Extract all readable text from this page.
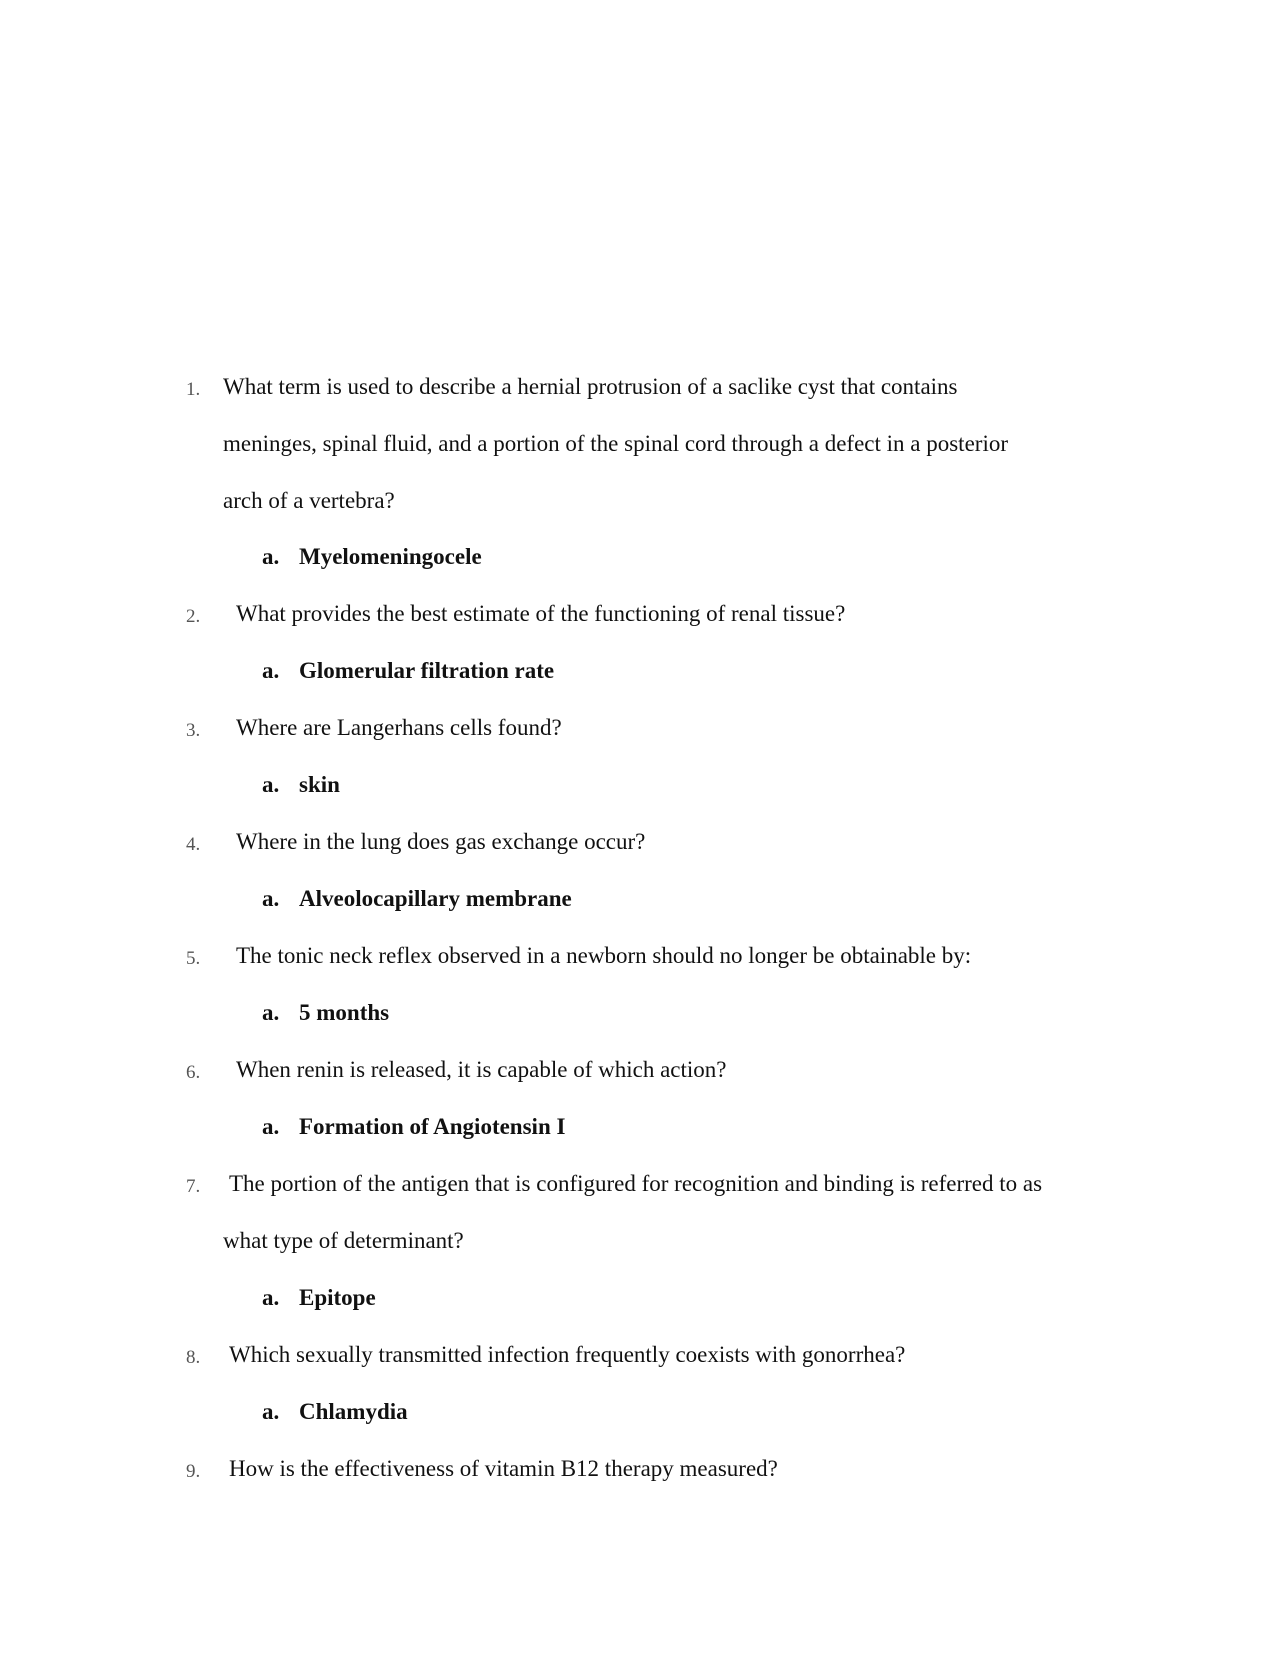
1. What term is used to describe a hernial protrusion of a saclike cyst that contains
meninges, spinal fluid, and a portion of the spinal cord through a defect in a posterior
arch of a vertebra?
a. Myelomeningocele
2. What provides the best estimate of the functioning of renal tissue?
a. Glomerular filtration rate
3. Where are Langerhans cells found?
a. skin
4. Where in the lung does gas exchange occur?
a. Alveolocapillary membrane
5. The tonic neck reflex observed in a newborn should no longer be obtainable by:
a. 5 months
6. When renin is released, it is capable of which action?
a. Formation of Angiotensin I
7. The portion of the antigen that is configured for recognition and binding is referred to as
what type of determinant?
a. Epitope
8. Which sexually transmitted infection frequently coexists with gonorrhea?
a. Chlamydia
9. How is the effectiveness of vitamin B12 therapy measured?
